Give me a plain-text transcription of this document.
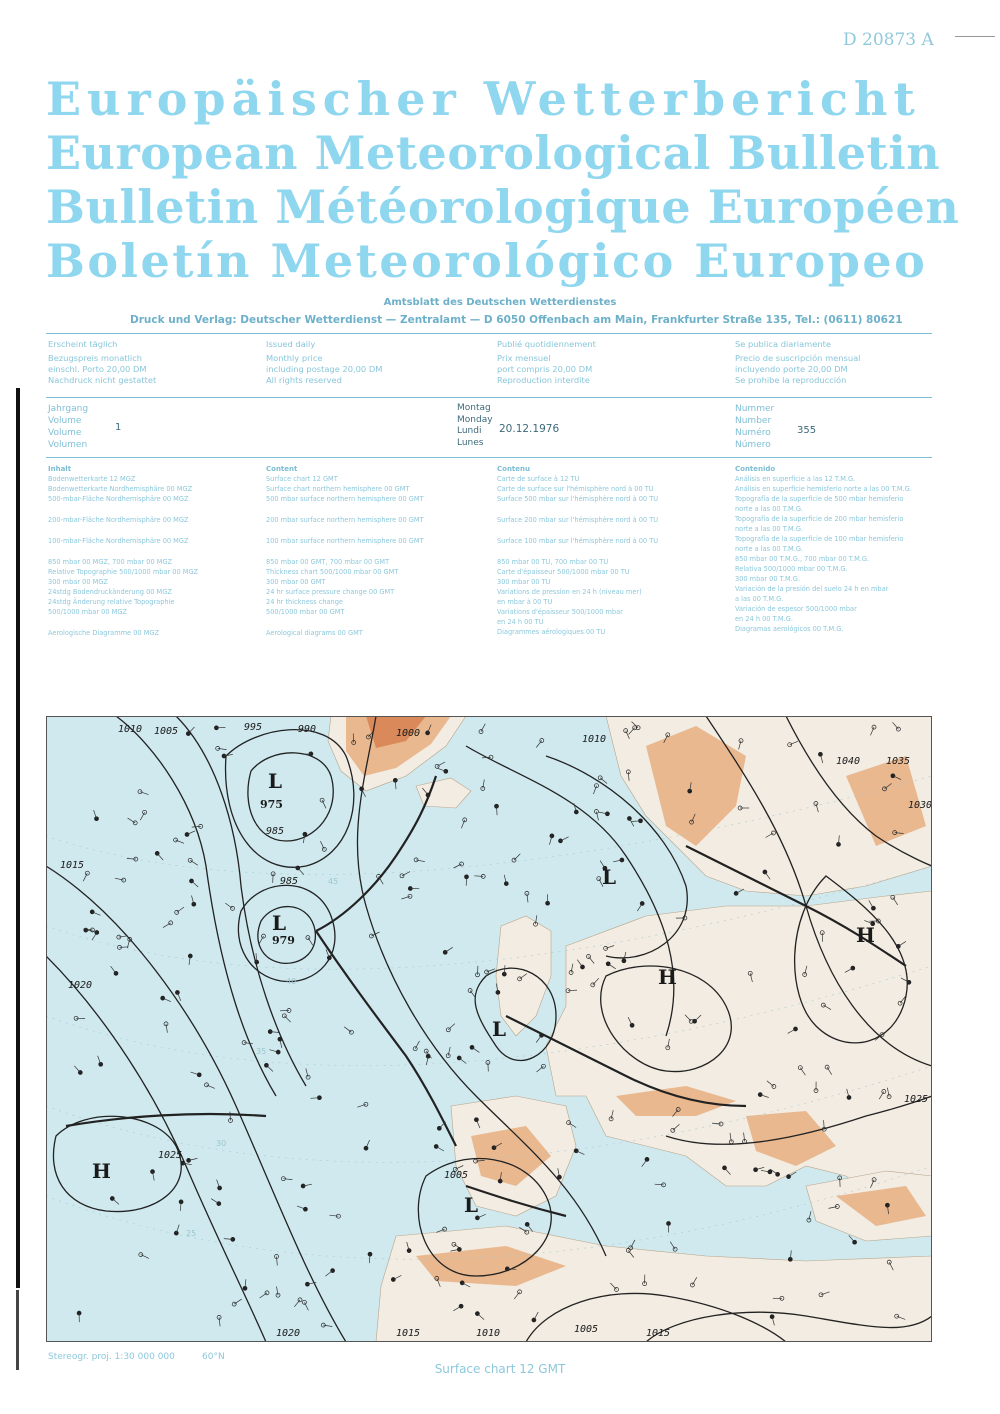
D 20873 A
Europäischer Wetterbericht
European Meteorological Bulletin
Bulletin Météorologique Européen
Boletín Meteorológico Europeo
Amtsblatt des Deutschen Wetterdienstes
Druck und Verlag: Deutscher Wetterdienst — Zentralamt — D 6050 Offenbach am Main, Frankfurter Straße 135, Tel.: (0611) 80621
Erscheint täglich
Bezugspreis monatlich
einschl. Porto 20,00 DM
Nachdruck nicht gestattet
Issued daily
Monthly price
including postage 20,00 DM
All rights reserved
Publié quotidiennement
Prix mensuel
port compris 20,00 DM
Reproduction interdite
Se publica diariamente
Precio de suscripción mensual
incluyendo porte 20,00 DM
Se prohibe la reproducción
Jahrgang
Volume
Volume
Volumen
1
Montag
Monday
Lundi
Lunes
20.12.1976
Nummer
Number
Numéro
Número
355
Inhalt
Bodenwetterkarte 12 MGZ
Bodenwetterkarte Nordhemisphäre 00 MGZ
500-mbar-Fläche Nordhemisphäre 00 MGZ
200-mbar-Fläche Nordhemisphäre 00 MGZ
100-mbar-Fläche Nordhemisphäre 00 MGZ
850 mbar 00 MGZ, 700 mbar 00 MGZ
Relative Topographie 500/1000 mbar 00 MGZ
300 mbar 00 MGZ
24stdg Bodendruckänderung 00 MGZ
24stdg Änderung relative Topographie
500/1000 mbar 00 MGZ
Aerologische Diagramme 00 MGZ
Content
Surface chart 12 GMT
Surface chart northern hemisphere 00 GMT
500 mbar surface northern hemisphere 00 GMT
200 mbar surface northern hemisphere 00 GMT
100 mbar surface northern hemisphere 00 GMT
850 mbar 00 GMT, 700 mbar 00 GMT
Thickness chart 500/1000 mbar 00 GMT
300 mbar 00 GMT
24 hr surface pressure change 00 GMT
24 hr thickness change
500/1000 mbar 00 GMT
Aerological diagrams 00 GMT
Contenu
Carte de surface à 12 TU
Carte de surface sur l'hémisphère nord à 00 TU
Surface 500 mbar sur l'hémisphère nord à 00 TU
Surface 200 mbar sur l'hémisphère nord à 00 TU
Surface 100 mbar sur l'hémisphère nord à 00 TU
850 mbar 00 TU, 700 mbar 00 TU
Carte d'épaisseur 500/1000 mbar 00 TU
300 mbar 00 TU
Variations de pression en 24 h (niveau mer)
en mbar à 00 TU
Variations d'épaisseur 500/1000 mbar
en 24 h 00 TU
Diagrammes aérologiques 00 TU
Contenido
Análisis en superficie a las 12 T.M.G.
Análisis en superficie hemisferio norte a las 00 T.M.G.
Topografía de la superficie de 500 mbar hemisferio
norte a las 00 T.M.G.
Topografía de la superficie de 200 mbar hemisferio
norte a las 00 T.M.G.
Topografía de la superficie de 100 mbar hemisferio
norte a las 00 T.M.G.
850 mbar 00 T.M.G., 700 mbar 00 T.M.G.
Relativa 500/1000 mbar 00 T.M.G.
300 mbar 00 T.M.G.
Variación de la presión del suelo 24 h en mbar
a las 00 T.M.G.
Variación de espesor 500/1000 mbar
en 24 h 00 T.M.G.
Diagramas aerológicos 00 T.M.G.
1010 1005	995	990	1000
985
1015
1020
1025
1035
1030
1040
1010
1005
1015
1020	1010	1005	1015
1025
985
L
975
L
979
L
L
H
H
H
L
45
40
35
30
25
Stereogr. proj. 1:30 000 000	60°N
Surface chart 12 GMT
